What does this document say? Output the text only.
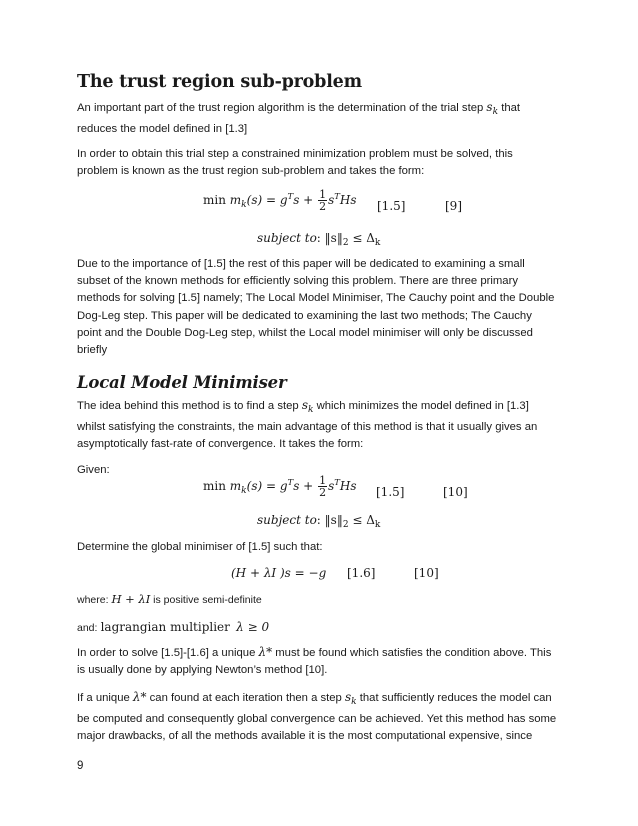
The trust region sub-problem
An important part of the trust region algorithm is the determination of the trial step $s_k$ that
reduces the model defined in [1.3]
In order to obtain this trial step a constrained minimization problem must be solved, this
problem is known as the trust region sub-problem and takes the form:
$\min m_k(s) = g^Ts + \frac{1}{2} s^THs$ [1.5]	[9]
subject to: $‖s‖_2 \le \Delta_k$
Due to the importance of [1.5] the rest of this paper will be dedicated to examining a small
subset of the known methods for efficiently solving this problem. There are three primary
methods for solving [1.5] namely; The Local Model Minimiser, The Cauchy point and the Double
Dog-Leg step. This paper will be dedicated to examining the last two methods; The Cauchy
point and the Double Dog-Leg step, whilst the Local model minimiser will only be discussed
briefly
Local Model Minimiser
The idea behind this method is to find a step $s_k$ which minimizes the model defined in [1.3]
whilst satisfying the constraints, the main advantage of this method is that it usually gives an
asymptotically fast-rate of convergence. It takes the form:
Given:
$\min m_k(s) = g^Ts + \frac{1}{2} s^THs$ [1.5]	[10]
subject to: $‖s‖_2 \le \Delta_k$
Determine the global minimiser of [1.5] such that:
(H + λI )s = −g [1.6]	[10]
where: H + λI is positive semi-definite
and: lagrangian multiplier λ ≥ 0
In order to solve [1.5]-[1.6] a unique λ* must be found which satisfies the condition above. This
is usually done by applying Newton’s method [10].
If a unique λ* can found at each iteration then a step $s_k$ that sufficiently reduces the model can
be computed and consequently global convergence can be achieved. Yet this method has some
major drawbacks, of all the methods available it is the most computational expensive, since
9
